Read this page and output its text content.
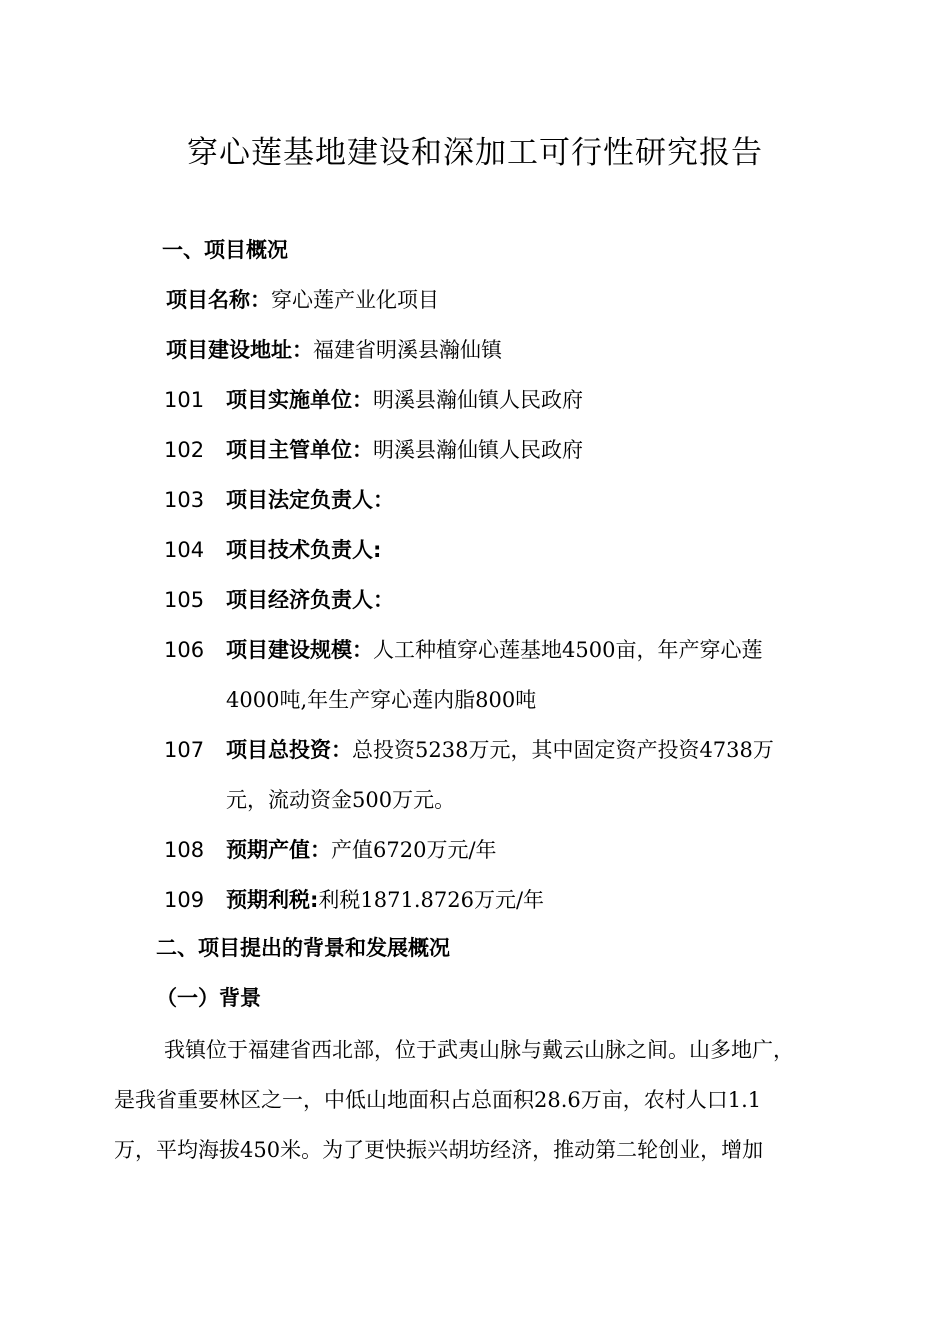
穿心莲基地建设和深加工可行性研究报告
一、项目概况
项目名称：穿心莲产业化项目
项目建设地址：福建省明溪县瀚仙镇
101 项目实施单位：明溪县瀚仙镇人民政府
102 项目主管单位：明溪县瀚仙镇人民政府
103 项目法定负责人：
104 项目技术负责人:
105 项目经济负责人：
106 项目建设规模：人工种植穿心莲基地4500亩，年产穿心莲
4000吨,年生产穿心莲内脂800吨
107 项目总投资：总投资5238万元，其中固定资产投资4738万
元，流动资金500万元。
108 预期产值：产值6720万元/年
109 预期利税:利税1871.8726万元/年
二、项目提出的背景和发展概况
（一）背景
我镇位于福建省西北部，位于武夷山脉与戴云山脉之间。山多地广，
是我省重要林区之一，中低山地面积占总面积28.6万亩，农村人口1.1
万，平均海拔450米。为了更快振兴胡坊经济，推动第二轮创业，增加
